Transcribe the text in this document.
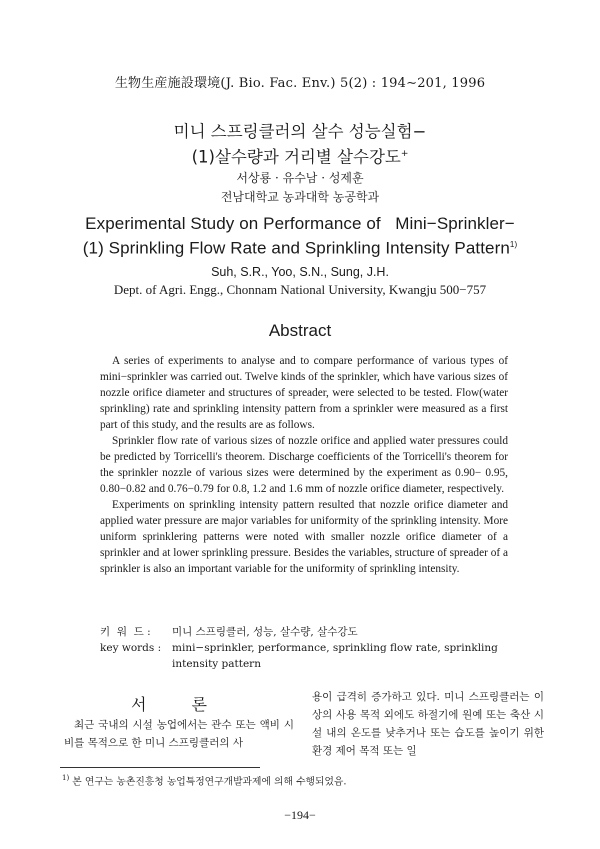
生物生産施設環境(J. Bio. Fac. Env.) 5(2) : 194∼201, 1996
미니 스프링클러의 살수 성능실험−
(1)살수량과 거리별 살수강도+
서상룡 · 유수남 · 성제훈
전남대학교 농과대학 농공학과
Experimental Study on Performance of   Mini−Sprinkler−
(1) Sprinkling Flow Rate and Sprinkling Intensity Pattern$^{1)}$
Suh, S.R., Yoo, S.N., Sung, J.H.
Dept. of Agri. Engg., Chonnam National University, Kwangju 500−757
Abstract

A series of experiments to analyse and to compare performance of various types of mini−sprinkler was carried out. Twelve kinds of the sprinkler, which have various sizes of nozzle orifice diameter and structures of spreader, were selected to be tested. Flow(water sprinkling) rate and sprinkling intensity pattern from a sprinkler were measured as a first part of this study, and the results are as follows.

Sprinkler flow rate of various sizes of nozzle orifice and applied water pressures could be predicted by Torricelli's theorem. Discharge coefficients of the Torricelli's theorem for the sprinkler nozzle of various sizes were determined by the experiment as 0.90− 0.95, 0.80−0.82 and 0.76−0.79 for 0.8, 1.2 and 1.6 mm of nozzle orifice diameter, respectively.

Experiments on sprinkling intensity pattern resulted that nozzle orifice diameter and applied water pressure are major variables for uniformity of the sprinkling intensity. More uniform sprinklering patterns were noted with smaller nozzle orifice diameter of a sprinkler and at lower sprinkling pressure. Besides the variables, structure of spreader of a sprinkler is also an important variable for the uniformity of sprinkling intensity.

키  워  드 :	미니 스프링클러, 성능, 살수량, 살수강도
key words :	mini−sprinkler, performance, sprinkling flow rate, sprinkling intensity pattern
서 론

최근 국내의 시설 농업에서는 관수 또는 액비 시비를 목적으로 한 미니 스프링클러의 사

용이 급격히 증가하고 있다. 미니 스프링클러는 이상의 사용 목적 외에도 하절기에 원예 또는 축산 시설 내의 온도를 낮추거나 또는 습도를 높이기 위한 환경 제어 목적 또는 일

$^{1)}$ 본 연구는 농촌진흥청 농업특정연구개발과제에 의해 수행되었음.
−194−
